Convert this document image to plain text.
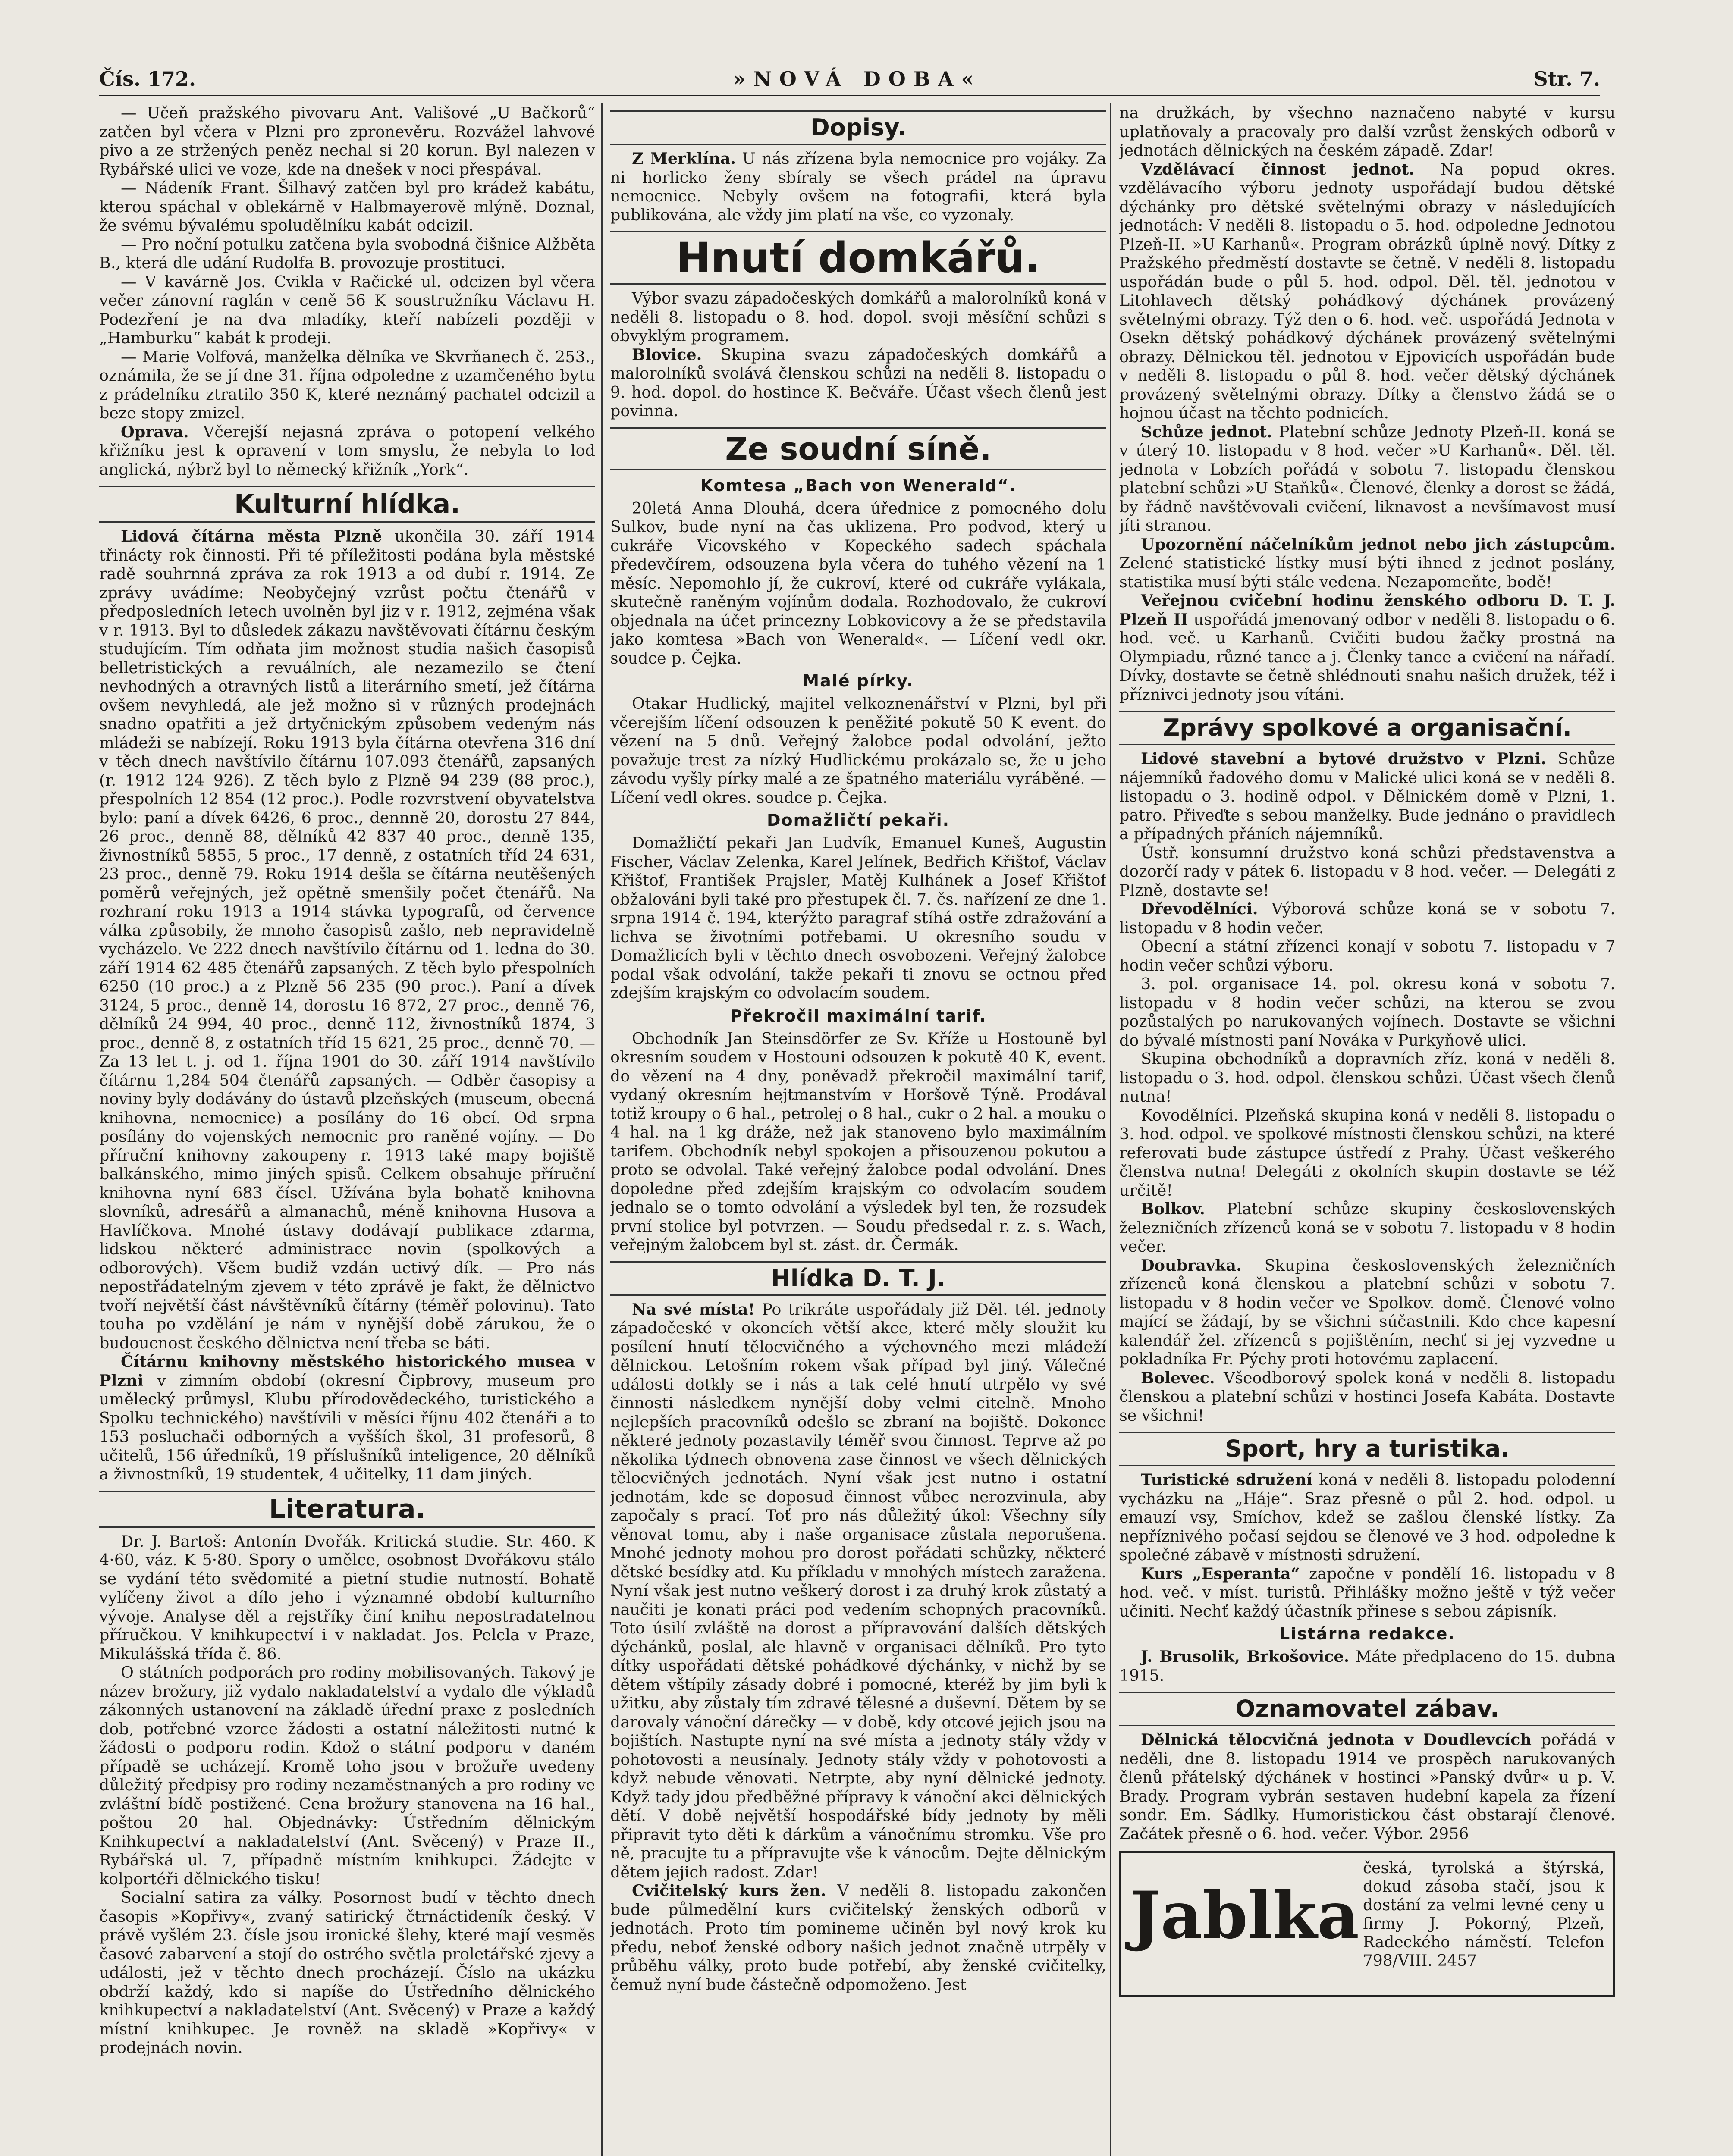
Čís. 172.	»NOVÁ DOBA«	Str. 7.

— Učeň pražského pivovaru Ant. Vališové „U Bačkorů“ zatčen byl včera v Plzni pro zpronevěru. Rozvážel lahvové pivo a ze stržených peněz nechal si 20 korun. Byl nalezen v Rybářské ulici ve voze, kde na dnešek v noci přespával.

— Nádeník Frant. Šilhavý zatčen byl pro krádež kabátu, kterou spáchal v oblekárně v Halbmayerově mlýně. Doznal, že svému bývalému spoludělníku kabát odcizil.

— Pro noční potulku zatčena byla svobodná čišnice Alžběta B., která dle udání Rudolfa B. provozuje prostituci.

— V kavárně Jos. Cvikla v Račické ul. odcizen byl včera večer zánovní raglán v ceně 56 K soustružníku Václavu H. Podezření je na dva mladíky, kteří nabízeli později v „Hamburku“ kabát k prodeji.

— Marie Volfová, manželka dělníka ve Skvrňanech č. 253., oznámila, že se jí dne 31. října odpoledne z uzamčeného bytu z prádelníku ztratilo 350 K, které neznámý pachatel odcizil a beze stopy zmizel.

Oprava. Včerejší nejasná zpráva o potopení velkého křižníku jest k opravení v tom smyslu, že nebyla to loď anglická, nýbrž byl to německý křižník „York“.

Kulturní hlídka.

Lidová čítárna města Plzně ukončila 30. září 1914 třinácty rok činnosti. Při té příležitosti podána byla městské radě souhrnná zpráva za rok 1913 a od dubí r. 1914. Ze zprávy uvádíme: Neobyčejný vzrůst počtu čtenářů v předposledních letech uvolněn byl jiz v r. 1912, zejména však v r. 1913. Byl to důsledek zákazu navštěvovati čítárnu českým studujícím. Tím odňata jim možnost studia našich časopisů belletristických a revuálních, ale nezamezilo se čtení nevhodných a otravných listů a literárního smetí, jež čítárna ovšem nevyhledá, ale jež možno si v různých prodejnách snadno opatřiti a jež drtyčnickým způsobem vedeným nás mládeži se nabízejí. Roku 1913 byla čítárna otevřena 316 dní v těch dnech navštívilo čítárnu 107.093 čtenářů, zapsaných (r. 1912 124 926). Z těch bylo z Plzně 94 239 (88 proc.), přespolních 12 854 (12 proc.). Podle rozvrstvení obyvatelstva bylo: paní a dívek 6426, 6 proc., dennně 20, dorostu 27 844, 26 proc., denně 88, dělníků 42 837 40 proc., denně 135, živnostníků 5855, 5 proc., 17 denně, z ostatních tříd 24 631, 23 proc., denně 79. Roku 1914 dešla se čítárna neutěšených poměrů veřejných, jež opětně smenšily počet čtenářů. Na rozhraní roku 1913 a 1914 stávka typografů, od července válka způsobily, že mnoho časopisů zašlo, neb nepravidelně vycházelo. Ve 222 dnech navštívilo čítárnu od 1. ledna do 30. září 1914 62 485 čtenářů zapsaných. Z těch bylo přespolních 6250 (10 proc.) a z Plzně 56 235 (90 proc.). Paní a dívek 3124, 5 proc., denně 14, dorostu 16 872, 27 proc., denně 76, dělníků 24 994, 40 proc., denně 112, živnostníků 1874, 3 proc., denně 8, z ostatních tříd 15 621, 25 proc., denně 70. — Za 13 let t. j. od 1. října 1901 do 30. září 1914 navštívilo čítárnu 1,284 504 čtenářů zapsaných. — Odběr časopisy a noviny byly dodávány do ústavů plzeňských (museum, obecná knihovna, nemocnice) a posílány do 16 obcí. Od srpna posílány do vojenských nemocnic pro raněné vojíny. — Do příruční knihovny zakoupeny r. 1913 také mapy bojiště balkánského, mimo jiných spisů. Celkem obsahuje příruční knihovna nyní 683 čísel. Užívána byla bohatě knihovna slovníků, adresářů a almanachů, méně knihovna Husova a Havlíčkova. Mnohé ústavy dodávají publikace zdarma, lidskou některé administrace novin (spolkových a odborových). Všem budiž vzdán uctivý dík. — Pro nás nepostřádatelným zjevem v této zprávě je fakt, že dělnictvo tvoří největší část návštěvníků čítárny (téměř polovinu). Tato touha po vzdělání je nám v nynější době zárukou, že o budoucnost českého dělnictva není třeba se báti.

Čítárnu knihovny městského historického musea v Plzni v zimním období (okresní Čipbrovy, museum pro umělecký průmysl, Klubu přírodovědeckého, turistického a Spolku technického) navštívili v měsíci říjnu 402 čtenáři a to 153 posluchači odborných a vyšších škol, 31 profesorů, 8 učitelů, 156 úředníků, 19 příslušníků inteligence, 20 dělníků a živnostníků, 19 studentek, 4 učitelky, 11 dam jiných.

Literatura.

Dr. J. Bartoš: Antonín Dvořák. Kritická studie. Str. 460. K 4·60, váz. K 5·80. Spory o umělce, osobnost Dvořákovu stálo se vydání této svědomité a pietní studie nutností. Bohatě vylíčeny život a dílo jeho i významné období kulturního vývoje. Analyse děl a rejstříky činí knihu nepostradatelnou příručkou. V knihkupectví i v nakladat. Jos. Pelcla v Praze, Mikulášská třída č. 86.

O státních podporách pro rodiny mobilisovaných. Takový je název brožury, již vydalo nakladatelství a vydalo dle výkladů zákonných ustanovení na základě úřední praxe z posledních dob, potřebné vzorce žádosti a ostatní náležitosti nutné k žádosti o podporu rodin. Kdož o státní podporu v daném případě se ucházejí. Kromě toho jsou v brožuře uvedeny důležitý předpisy pro rodiny nezaměstnaných a pro rodiny ve zvláštní bídě postižené. Cena brožury stanovena na 16 hal., poštou 20 hal. Objednávky: Ústředním dělnickým Knihkupectví a nakladatelství (Ant. Svěcený) v Praze II., Rybářská ul. 7, případně místním knihkupci. Žádejte v kolportéři dělnického tisku!

Socialní satira za války. Posornost budí v těchto dnech časopis »Kopřivy«, zvaný satirický čtrnáctideník český. V právě vyšlém 23. čísle jsou ironické šlehy, které mají vesměs časové zabarvení a stojí do ostrého světla proletářské zjevy a události, jež v těchto dnech procházejí. Číslo na ukázku obdrží každý, kdo si napíše do Ústředního dělnického knihkupectví a nakladatelství (Ant. Svěcený) v Praze a každý místní knihkupec. Je rovněž na skladě »Kopřivy« v prodejnách novin.

Dopisy.

Z Merklína. U nás zřízena byla nemocnice pro vojáky. Za ni horlicko ženy sbíraly se všech prádel na úpravu nemocnice. Nebyly ovšem na fotografii, která byla publikována, ale vždy jim platí na vše, co vyzonaly.

Hnutí domkářů.

Výbor svazu západočeských domkářů a malorolníků koná v neděli 8. listopadu o 8. hod. dopol. svoji měsíční schůzi s obvyklým programem.

Blovice. Skupina svazu západočeských domkářů a malorolníků svolává členskou schůzi na neděli 8. listopadu o 9. hod. dopol. do hostince K. Bečváře. Účast všech členů jest povinna.

Ze soudní síně.
Komtesa „Bach von Wenerald“.

20letá Anna Dlouhá, dcera úřednice z pomocného dolu Sulkov, bude nyní na čas uklizena. Pro podvod, který u cukráře Vicovského v Kopeckého sadech spáchala předevčírem, odsouzena byla včera do tuhého vězení na 1 měsíc. Nepomohlo jí, že cukroví, které od cukráře vylákala, skutečně raněným vojínům dodala. Rozhodovalo, že cukroví objednala na účet princezny Lobkovicovy a že se představila jako komtesa »Bach von Wenerald«. — Líčení vedl okr. soudce p. Čejka.

Malé pírky.

Otakar Hudlický, majitel velkoznenářství v Plzni, byl při včerejším líčení odsouzen k peněžité pokutě 50 K event. do vězení na 5 dnů. Veřejný žalobce podal odvolání, ježto považuje trest za nízký Hudlickému prokázalo se, že u jeho závodu vyšly pírky malé a ze špatného materiálu vyráběné. — Líčení vedl okres. soudce p. Čejka.

Domažličtí pekaři.

Domažličtí pekaři Jan Ludvík, Emanuel Kuneš, Augustin Fischer, Václav Zelenka, Karel Jelínek, Bedřich Křištof, Václav Křištof, František Prajsler, Matěj Kulhánek a Josef Křištof obžalováni byli také pro přestupek čl. 7. čs. nařízení ze dne 1. srpna 1914 č. 194, kterýžto paragraf stíhá ostře zdražování a lichva se životními potřebami. U okresního soudu v Domažlicích byli v těchto dnech osvobozeni. Veřejný žalobce podal však odvolání, takže pekaři ti znovu se octnou před zdejším krajským co odvolacím soudem.

Překročil maximální tarif.

Obchodník Jan Steinsdörfer ze Sv. Kříže u Hostouně byl okresním soudem v Hostouni odsouzen k pokutě 40 K, event. do vězení na 4 dny, poněvadž překročil maximální tarif, vydaný okresním hejtmanstvím v Horšově Týně. Prodával totiž kroupy o 6 hal., petrolej o 8 hal., cukr o 2 hal. a mouku o 4 hal. na 1 kg dráže, než jak stanoveno bylo maximálním tarifem. Obchodník nebyl spokojen a přisouzenou pokutou a proto se odvolal. Také veřejný žalobce podal odvolání. Dnes dopoledne před zdejším krajským co odvolacím soudem jednalo se o tomto odvolání a výsledek byl ten, že rozsudek první stolice byl potvrzen. — Soudu předsedal r. z. s. Wach, veřejným žalobcem byl st. zást. dr. Čermák.

Hlídka D. T. J.

Na své místa! Po trikráte uspořádaly již Děl. tél. jednoty západočeské v okoncích větší akce, které měly sloužit ku posílení hnutí tělocvičného a výchovného mezi mládeží dělnickou. Letošním rokem však případ byl jiný. Válečné události dotkly se i nás a tak celé hnutí utrpělo vy své činnosti následkem nynější doby velmi citelně. Mnoho nejlepších pracovníků odešlo se zbraní na bojiště. Dokonce některé jednoty pozastavily téměř svou činnost. Teprve až po několika týdnech obnovena zase činnost ve všech dělnických tělocvičných jednotách. Nyní však jest nutno i ostatní jednotám, kde se doposud činnost vůbec nerozvinula, aby započaly s prací. Toť pro nás důležitý úkol: Všechny síly věnovat tomu, aby i naše organisace zůstala neporušena. Mnohé jednoty mohou pro dorost pořádati schůzky, některé dětské besídky atd. Ku příkladu v mnohých místech zaražena. Nyní však jest nutno veškerý dorost i za druhý krok zůstatý a naučiti je konati práci pod vedením schopných pracovníků. Toto úsilí zvláště na dorost a přípravování dalších dětských dýchánků, poslal, ale hlavně v organisaci dělníků. Pro tyto dítky uspořádati dětské pohádkové dýchánky, v nichž by se dětem vštípily zásady dobré i pomocné, kteréž by jim byli k užitku, aby zůstaly tím zdravé tělesné a duševní. Dětem by se darovaly vánoční dárečky — v době, kdy otcové jejich jsou na bojištích. Nastupte nyní na své místa a jednoty stály vždy v pohotovosti a neusínaly. Jednoty stály vždy v pohotovosti a když nebude věnovati. Netrpte, aby nyní dělnické jednoty. Když tady jdou předběžné přípravy k vánoční akci dělnických dětí. V době největší hospodářské bídy jednoty by měli připravit tyto děti k dárkům a vánočnímu stromku. Vše pro ně, pracujte tu a přípravujte vše k vánocům. Dejte dělnickým dětem jejich radost. Zdar!

Cvičitelský kurs žen. V neděli 8. listopadu zakončen bude půlmedělní kurs cvičitelský ženských odborů v jednotách. Proto tím pomineme učiněn byl nový krok ku předu, neboť ženské odbory našich jednot značně utrpěly v průběhu války, proto bude potřebí, aby ženské cvičitelky, čemuž nyní bude částečně odpomoženo. Jest

na družkách, by všechno naznačeno nabyté v kursu uplatňovaly a pracovaly pro další vzrůst ženských odborů v jednotách dělnických na českém západě. Zdar!

Vzdělávací činnost jednot. Na popud okres. vzdělávacího výboru jednoty uspořádají budou dětské dýchánky pro dětské světelnými obrazy v následujících jednotách: V neděli 8. listopadu o 5. hod. odpoledne Jednotou Plzeň-II. »U Karhanů«. Program obrázků úplně nový. Dítky z Pražského předměstí dostavte se četně. V neděli 8. listopadu uspořádán bude o půl 5. hod. odpol. Děl. těl. jednotou v Litohlavech dětský pohádkový dýchánek provázený světelnými obrazy. Týž den o 6. hod. več. uspořádá Jednota v Osekn dětský pohádkový dýchánek provázený světelnými obrazy. Dělnickou těl. jednotou v Ejpovicích uspořádán bude v neděli 8. listopadu o půl 8. hod. večer dětský dýchánek provázený světelnými obrazy. Dítky a členstvo žádá se o hojnou účast na těchto podnicích.

Schůze jednot. Platební schůze Jednoty Plzeň-II. koná se v úterý 10. listopadu v 8 hod. večer »U Karhanů«. Děl. těl. jednota v Lobzích pořádá v sobotu 7. listopadu členskou platební schůzi »U Staňků«. Členové, členky a dorost se žádá, by řádně navštěvovali cvičení, liknavost a nevšímavost musí jíti stranou.

Upozornění náčelníkům jednot nebo jich zástupcům. Zelené statistické lístky musí býti ihned z jednot poslány, statistika musí býti stále vedena. Nezapomeňte, bodě!

Veřejnou cvičební hodinu ženského odboru D. T. J. Plzeň II uspořádá jmenovaný odbor v neděli 8. listopadu o 6. hod. več. u Karhanů. Cvičiti budou žačky prostná na Olympiadu, různé tance a j. Členky tance a cvičení na nářadí. Dívky, dostavte se četně shlédnouti snahu našich družek, též i příznivci jednoty jsou vítáni.

Zprávy spolkové a organisační.

Lidové stavební a bytové družstvo v Plzni. Schůze nájemníků řadového domu v Malické ulici koná se v neděli 8. listopadu o 3. hodině odpol. v Dělnickém domě v Plzni, 1. patro. Přiveďte s sebou manželky. Bude jednáno o pravidlech a případných přáních nájemníků.

Ústř. konsumní družstvo koná schůzi představenstva a dozorčí rady v pátek 6. listopadu v 8 hod. večer. — Delegáti z Plzně, dostavte se!

Dřevodělníci. Výborová schůze koná se v sobotu 7. listopadu v 8 hodin večer.

Obecní a státní zřízenci konají v sobotu 7. listopadu v 7 hodin večer schůzi výboru.

3. pol. organisace 14. pol. okresu koná v sobotu 7. listopadu v 8 hodin večer schůzi, na kterou se zvou pozůstalých po narukovaných vojínech. Dostavte se všichni do bývalé místnosti paní Nováka v Purkyňově ulici.

Skupina obchodníků a dopravních zříz. koná v neděli 8. listopadu o 3. hod. odpol. členskou schůzi. Účast všech členů nutna!

Kovodělníci. Plzeňská skupina koná v neděli 8. listopadu o 3. hod. odpol. ve spolkové místnosti členskou schůzi, na které referovati bude zástupce ústředí z Prahy. Účast veškerého členstva nutna! Delegáti z okolních skupin dostavte se též určitě!

Bolkov. Platební schůze skupiny československých železničních zřízenců koná se v sobotu 7. listopadu v 8 hodin večer.

Doubravka. Skupina československých železničních zřízenců koná členskou a platební schůzi v sobotu 7. listopadu v 8 hodin večer ve Spolkov. domě. Členové volno mající se žádají, by se všichni súčastnili. Kdo chce kapesní kalendář žel. zřízenců s pojištěním, nechť si jej vyzvedne u pokladníka Fr. Pýchy proti hotovému zaplacení.

Bolevec. Všeodborový spolek koná v neděli 8. listopadu členskou a platební schůzi v hostinci Josefa Kabáta. Dostavte se všichni!

Sport, hry a turistika.

Turistické sdružení koná v neděli 8. listopadu polodenní vycházku na „Háje“. Sraz přesně o půl 2. hod. odpol. u emauzí vsy, Smíchov, kdež se zašlou členské lístky. Za nepříznivého počasí sejdou se členové ve 3 hod. odpoledne k společné zábavě v místnosti sdružení.

Kurs „Esperanta“ započne v pondělí 16. listopadu v 8 hod. več. v míst. turistů. Přihlášky možno ještě v týž večer učiniti. Nechť každý účastník přinese s sebou zápisník.

Listárna redakce.

J. Brusolik, Brkošovice. Máte předplaceno do 15. dubna 1915.

Oznamovatel zábav.

Dělnická tělocvičná jednota v Doudlevcích pořádá v neděli, dne 8. listopadu 1914 ve prospěch narukovaných členů přátelský dýchánek v hostinci »Panský dvůr« u p. V. Brady. Program vybrán sestaven hudební kapela za řízení sondr. Em. Sádlky. Humoristickou část obstarají členové. Začátek přesně o 6. hod. večer. Výbor. 2956

Jablka
česká, tyrolská a štýrská, dokud zásoba stačí, jsou k dostání za velmi levné ceny u firmy J. Pokorný, Plzeň, Radeckého náměstí. Telefon 798/VIII. 2457
